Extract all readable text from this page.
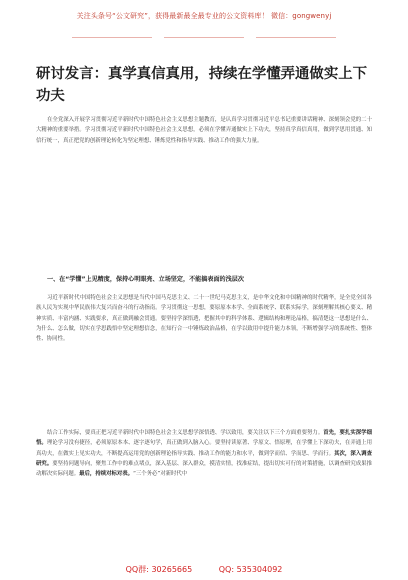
关注头条号“公文研究”，获得最新最全最专业的公文资料库！ 微信：gongwenyj
研讨发言：真学真信真用，持续在学懂弄通做实上下功夫

在全党深入开展学习贯彻习近平新时代中国特色社会主义思想主题教育，是认真学习贯彻习近平总书记重要讲话精神、深刻领会党的二十大精神的重要举措。学习贯彻习近平新时代中国特色社会主义思想，必须在学懂弄通做实上下功夫，坚持真学真信真用，做到学思用贯通、知信行统一，真正把党的创新理论转化为坚定理想、锤炼党性和指导实践、推动工作的强大力量。

一、在“学懂”上见精度，保持心明眼亮、立场坚定，不能搞表面的浅层次

习近平新时代中国特色社会主义思想是当代中国马克思主义、二十一世纪马克思主义，是中华文化和中国精神的时代精华，是全党全国各族人民为实现中华民族伟大复兴而奋斗的行动指南。学习贯彻这一思想，要原原本本学、全面系统学、联系实际学，深刻理解其核心要义、精神实质、丰富内涵、实践要求，真正做到融会贯通。要坚持学深悟透，把握其中的科学体系、逻辑结构和理论品格，搞清楚这一思想是什么、为什么、怎么做，切实在学思践悟中坚定理想信念，在知行合一中锤炼政治品格，在学以致用中提升能力本领，不断增强学习的系统性、整体性、协同性。

结合工作实际，要真正把习近平新时代中国特色社会主义思想学深悟透、学以致用，要关注以下三个方面重要努力。首先，要扎实深学细悟。理论学习没有捷径，必须原原本本、逐字逐句学，真正做到入脑入心。要坚持读原著、学原文、悟原理，在学懂上下深功夫，在弄通上用真功夫，在做实上见实功夫，不断提高运用党的创新理论指导实践、推动工作的能力和水平，做到学而信、学而思、学而行。其次，深入调查研究。要坚持问题导向，聚焦工作中的难点堵点，深入基层、深入群众，摸清实情，找准症结，提出切实可行的对策措施，以调查研究成果推动解决实际问题。最后，持续对标对表。“三个务必”对新时代中

QQ群: 30265665	QQ: 535304092
